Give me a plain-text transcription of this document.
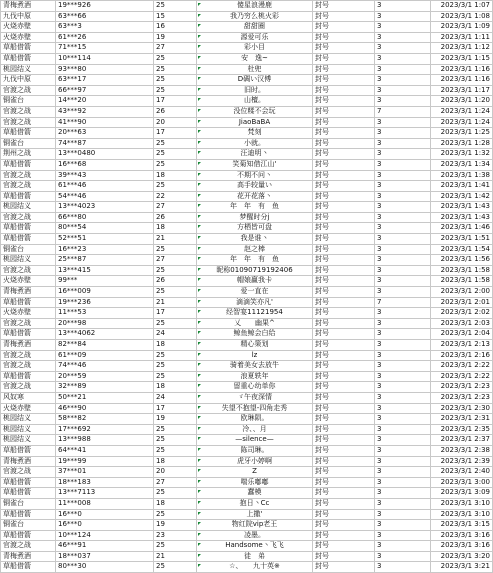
青梅煮酒	19***926	25	傻星浪漫鹿	封号	3	2023/3/1 1:07
九伐中原	63***66	15	我乃穷么桃火彩	封号	3	2023/3/1 1:08
火烧赤壁	63***3	16	甜甜圈	封号	3	2023/3/1 1:09
火烧赤壁	61***26	19	源爱可乐	封号	3	2023/3/1 1:11
草船借箭	71***15	27	彩小目	封号	3	2023/3/1 1:12
草船借箭	10***114	25	安　逸~	封号	3	2023/3/1 1:15
桃园结义	93***80	25	杜兜	封号	3	2023/3/1 1:16
九伐中原	63***17	25	D碉い汉傅	封号	3	2023/3/1 1:16
官渡之战	66***97	25	旧时。	封号	3	2023/3/1 1:17
铜雀台	14***20	17	山檀。	封号	3	2023/3/1 1:20
官渡之战	43***92	26	没位糅不会玩	封号	7	2023/3/1 1:24
官渡之战	41***90	20	JiaoBaBA	封号	3	2023/3/1 1:24
草船借箭	20***63	17	梵刻	封号	3	2023/3/1 1:25
铜雀台	74***87	25	小就。	封号	3	2023/3/1 1:28
荆州之战	13***0480	25	汪迪明丶	封号	3	2023/3/1 1:32
草船借箭	16***68	25	笑菊知借江山'	封号	3	2023/3/1 1:34
官渡之战	39***43	18	不期不问丶	封号	3	2023/3/1 1:38
官渡之战	61***46	25	高手较量い	封号	3	2023/3/1 1:41
草船借箭	54***46	22	花开花落丶	封号	3	2023/3/1 1:42
桃园结义	13***4023	27	年　年　有　鱼	封号	3	2023/3/1 1:43
官渡之战	66***80	26	梦醒时分j	封号	3	2023/3/1 1:43
草船借箭	80***54	18	方栖皆可盘	封号	3	2023/3/1 1:46
草船借箭	52***51	21	我是谁丶	封号	3	2023/3/1 1:51
铜雀台	16***23	25	赵之棒	封号	3	2023/3/1 1:54
桃园结义	25***87	27	年　年　有　鱼	封号	3	2023/3/1 1:56
官渡之战	13***415	25	昵称01090719192406	封号	3	2023/3/1 1:58
火烧赤壁	99***	26	帽娘赢我卡	封号	3	2023/3/1 1:58
青梅煮酒	16***009	25	爱一直在	封号	3	2023/3/1 2:00
草船借箭	19***236	21	滴滴笑亦凡'	封号	7	2023/3/1 2:01
火烧赤壁	11***53	17	经智宴11121954	封号	3	2023/3/1 2:02
官渡之战	20***98	25	乂　　幽果^	封号	3	2023/3/1 2:03
草船借箭	13***4062	24	鲸鱼鲸会白给	封号	3	2023/3/1 2:04
青梅煮酒	82***84	18	精心策划	封号	3	2023/3/1 2:13
官渡之战	61***09	25	lz	封号	3	2023/3/1 2:16
官渡之战	74***46	25	骑着美女去放牛	封号	3	2023/3/1 2:22
草船借箭	20***59	25	浪夏轶年	封号	3	2023/3/1 2:22
官渡之战	32***89	18	留重心幼单你	封号	3	2023/3/1 2:23
风奴寒	50***21	24	ゞ午夜深情	封号	3	2023/3/1 2:23
火烧赤壁	46***90	17	失望不抱望-四角走秀	封号	3	2023/3/1 2:30
桃园结义	58***82	19	欧琳陨。	封号	3	2023/3/1 2:31
桃园结义	17***692	25	冷、、月	封号	3	2023/3/1 2:35
桃园结义	13***988	25	—silence—	封号	3	2023/3/1 2:37
草船借箭	64***41	25	陈司琳。	封号	3	2023/3/1 2:38
青梅煮酒	19***99	18	虎牙小婷啊	封号	3	2023/3/1 2:39
官渡之战	37***01	20	Z	封号	3	2023/3/1 2:40
草船借箭	18***183	27	喘乐嘟嘟	封号	3	2023/3/1 3:00
草船借箭	13***7113	25	蠢模	封号	3	2023/3/1 3:09
铜雀台	11***008	18	抱日丶Cc	封号	3	2023/3/1 3:10
草船借箭	16***0	25	上撒'	封号	3	2023/3/1 3:10
铜雀台	16***0	19	物红院vip老王	封号	3	2023/3/1 3:15
草船借箭	10***124	23	凌墨。	封号	3	2023/3/1 3:16
官渡之战	46***91	25	Handsome丶飞飞	封号	3	2023/3/1 3:16
青梅煮酒	18***037	21	徒　弟	封号	3	2023/3/1 3:20
草船借箭	80***30	25	☆、　　九十英※	封号	3	2023/3/1 3:21
